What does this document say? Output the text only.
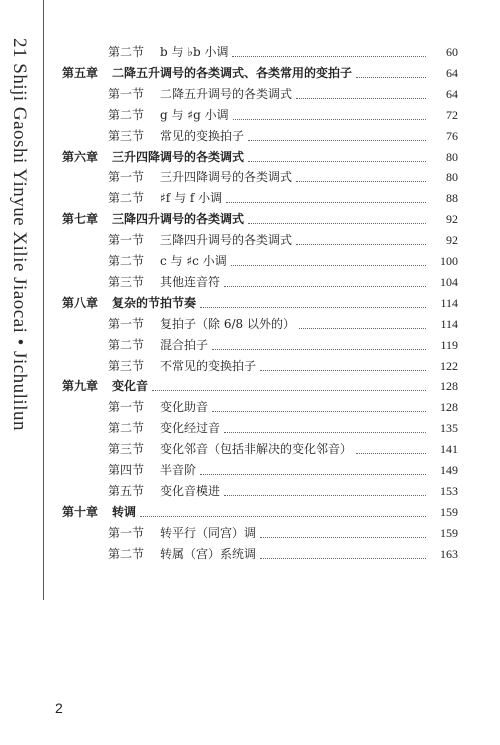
21 Shiji Gaoshi Yinyue Xilie Jiaocai • Jichulilun	第二节 b 与 ♭b 小调	60
第五章 二降五升调号的各类调式、各类常用的变拍子	64
第一节 二降五升调号的各类调式	64
第二节 g 与 ♯g 小调	72
第三节 常见的变换拍子	76
第六章 三升四降调号的各类调式	80
第一节 三升四降调号的各类调式	80
第二节 ♯f 与 f 小调	88
第七章 三降四升调号的各类调式	92
第一节 三降四升调号的各类调式	92
第二节 c 与 ♯c 小调	100
第三节 其他连音符	104
第八章 复杂的节拍节奏	114
第一节 复拍子（除 6/8 以外的）	114
第二节 混合拍子	119
第三节 不常见的变换拍子	122
第九章 变化音	128
第一节 变化助音	128
第二节 变化经过音	135
第三节 变化邻音（包括非解决的变化邻音）	141
第四节 半音阶	149
第五节 变化音模进	153
第十章 转调	159
第一节 转平行（同宫）调	159
第二节 转属（宫）系统调	163
2
